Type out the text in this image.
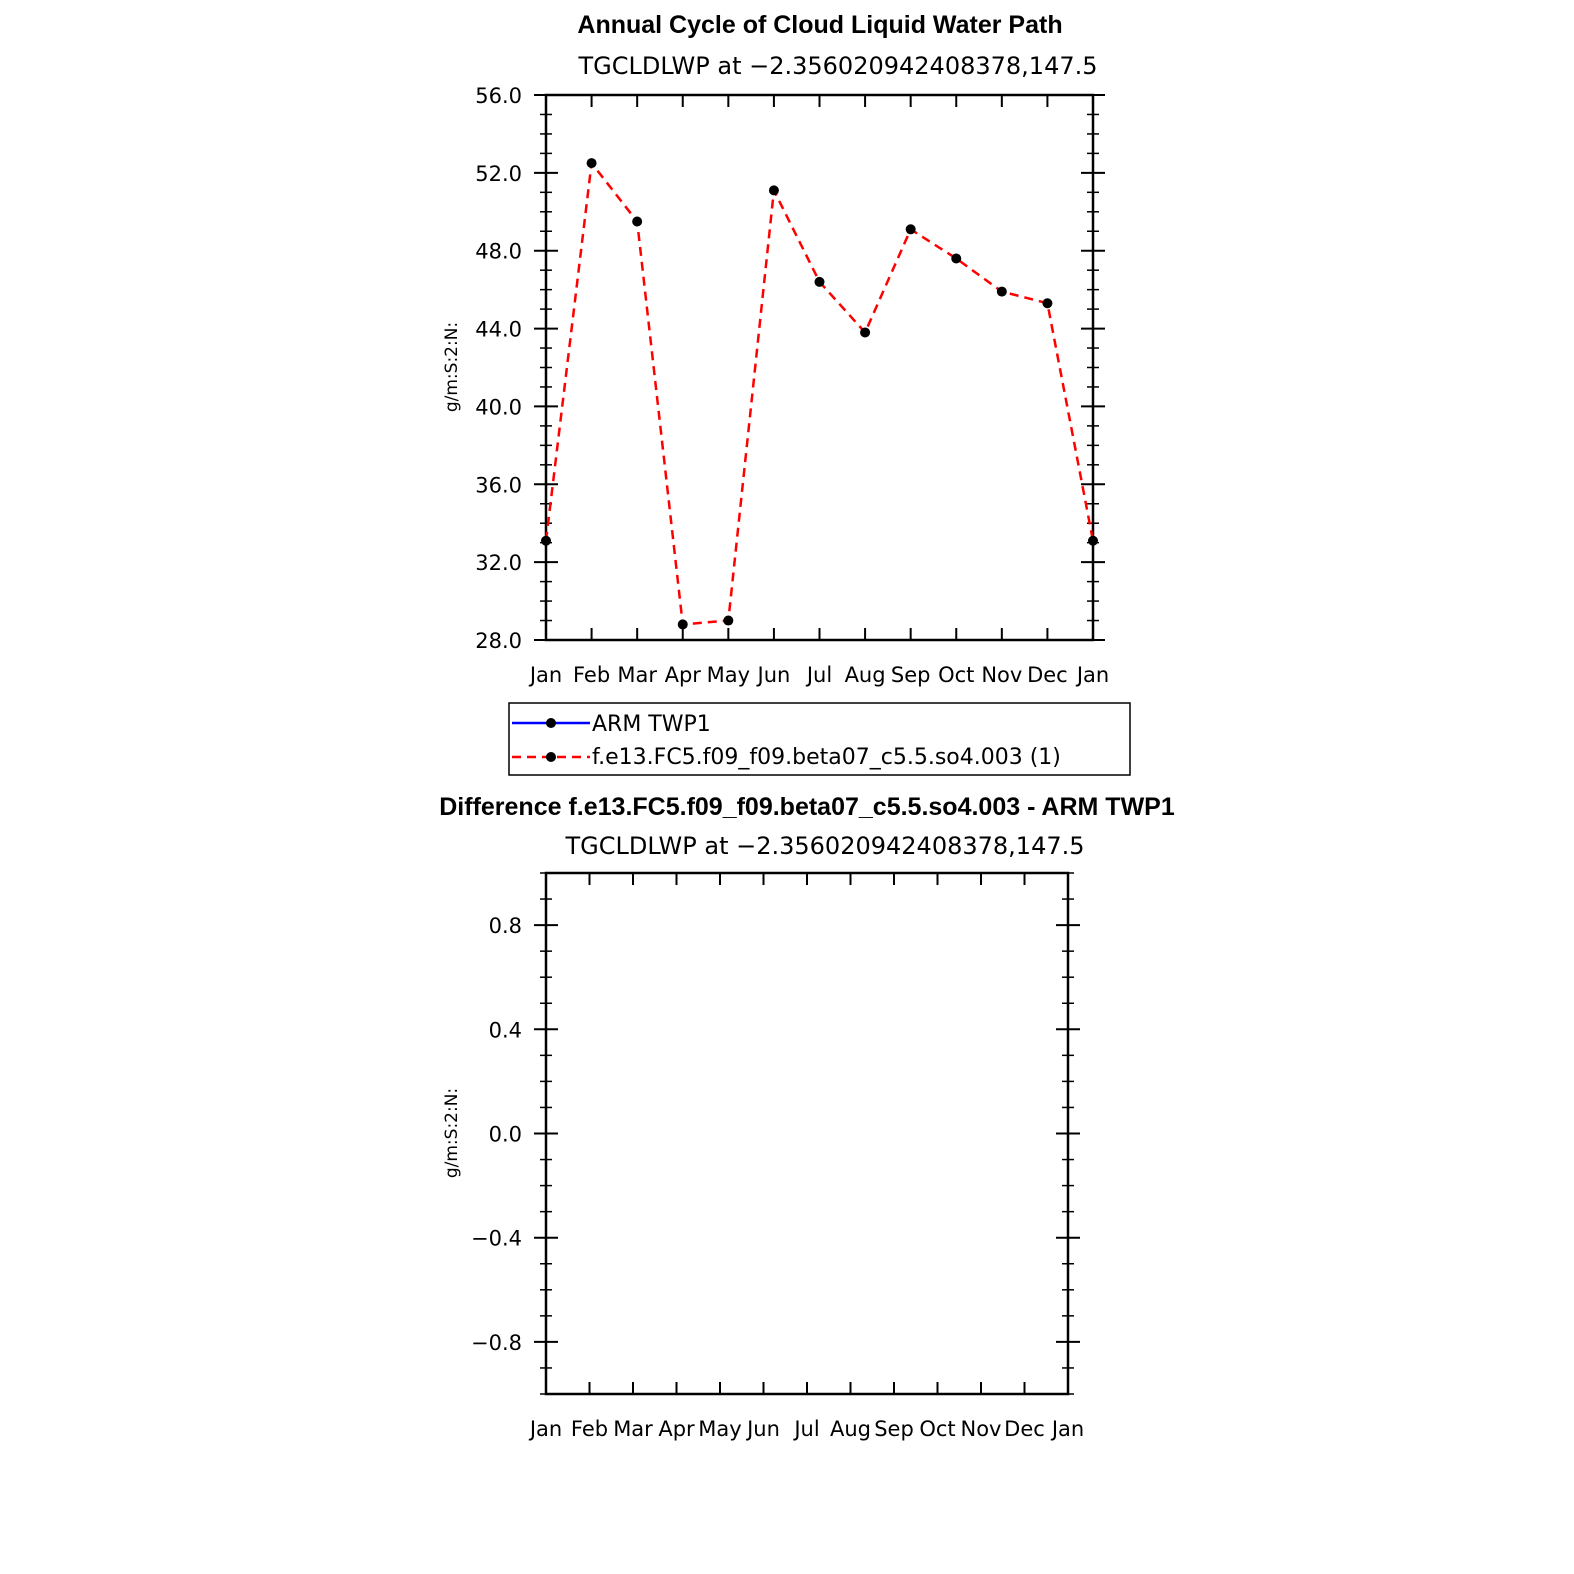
Annual Cycle of Cloud Liquid Water Path
TGCLDLWP at −2.356020942408378,147.5
g/m:S:2:N:
Jan Feb Mar Apr May Jun Jul Aug Sep Oct Nov Dec Jan
28.0
32.0
36.0
40.0
44.0
48.0
52.0
56.0
ARM TWP1
f.e13.FC5.f09_f09.beta07_c5.5.so4.003 (1)
Difference f.e13.FC5.f09_f09.beta07_c5.5.so4.003 - ARM TWP1
TGCLDLWP at −2.356020942408378,147.5
g/m:S:2:N:
Jan Feb Mar Apr May Jun Jul Aug Sep Oct Nov Dec Jan
−0.8
−0.4
0.0
0.4
0.8
